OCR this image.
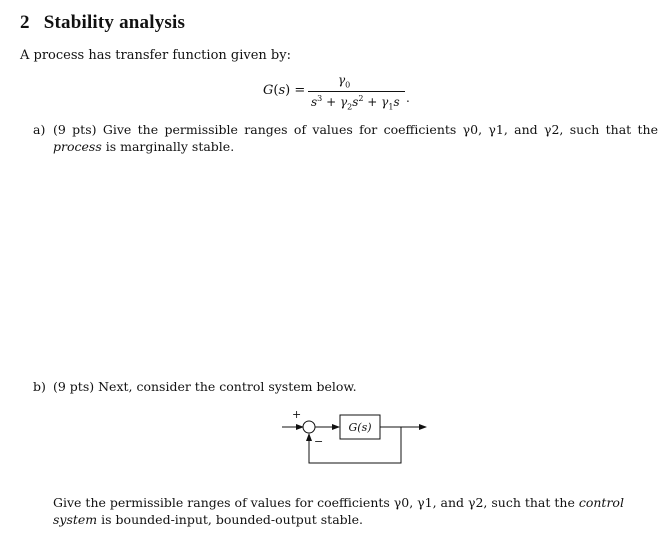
2 Stability analysis
A process has transfer function given by:
G(s) =
$\gamma_0$
$s^3 + \gamma_2s^2 + \gamma_1s$ .
a) (9 pts) Give the permissible ranges of values for coefficients γ0, γ1, and γ2, such that the process is marginally stable.
b) (9 pts) Next, consider the control system below.
+
−
G(s)
Give the permissible ranges of values for coefficients γ0, γ1, and γ2, such that the control system is bounded-input, bounded-output stable.
